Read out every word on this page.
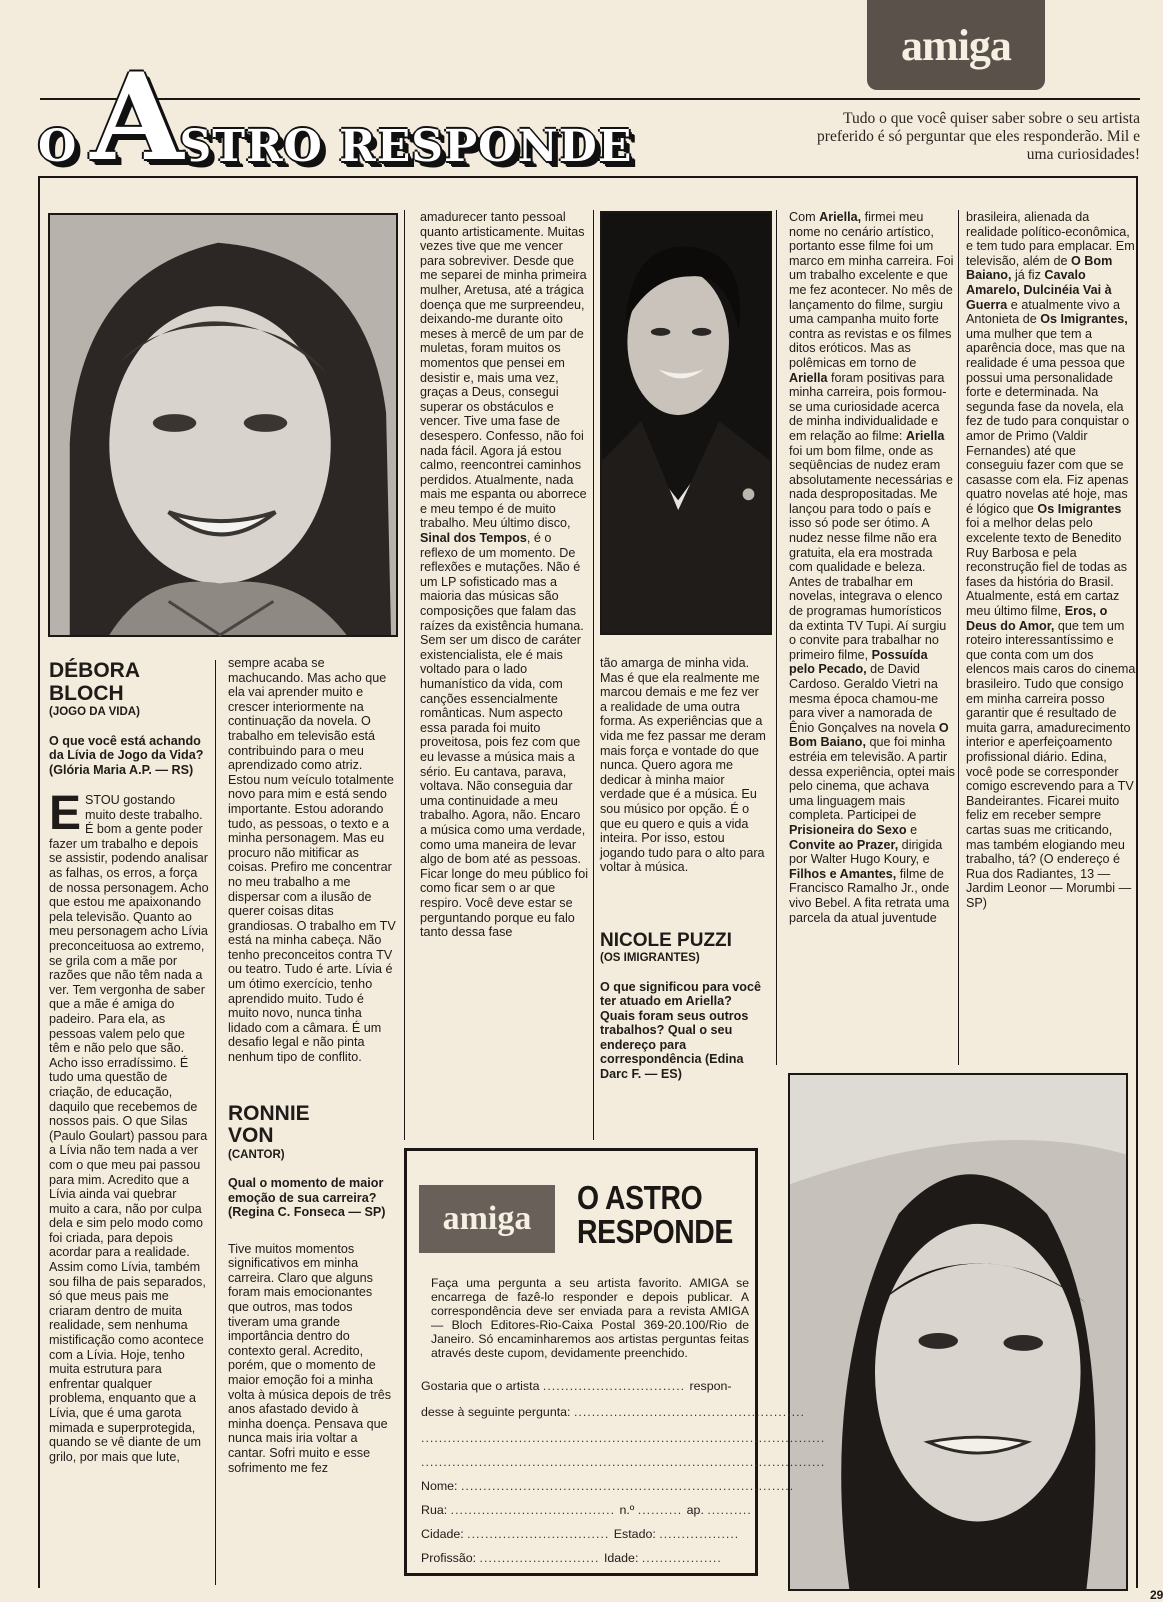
amiga
O A
STRO RESPONDE

Tudo o que você quiser saber sobre o seu artista preferido é só perguntar que eles responderão. Mil e uma curiosidades!

DÉBORA
BLOCH
(JOGO DA VIDA)

O que você está achando da Lívia de Jogo da Vida? (Glória Maria A.P. — RS)

ESTOU gostando muito deste trabalho. É bom a gente poder fazer um trabalho e depois se assistir, podendo analisar as falhas, os erros, a força de nossa personagem. Acho que estou me apaixonando pela televisão. Quanto ao meu personagem acho Lívia preconceituosa ao extremo, se grila com a mãe por razões que não têm nada a ver. Tem vergonha de saber que a mãe é amiga do padeiro. Para ela, as pessoas valem pelo que têm e não pelo que são. Acho isso erradíssimo. É tudo uma questão de criação, de educação, daquilo que recebemos de nossos pais. O que Silas (Paulo Goulart) passou para a Lívia não tem nada a ver com o que meu pai passou para mim. Acredito que a Lívia ainda vai quebrar muito a cara, não por culpa dela e sim pelo modo como foi criada, para depois acordar para a realidade. Assim como Lívia, também sou filha de pais separados, só que meus pais me criaram dentro de muita realidade, sem nenhuma mistificação como acontece com a Lívia. Hoje, tenho muita estrutura para enfrentar qualquer problema, enquanto que a Lívia, que é uma garota mimada e superprotegida, quando se vê diante de um grilo, por mais que lute,

sempre acaba se machucando. Mas acho que ela vai aprender muito e crescer interiormente na continuação da novela. O trabalho em televisão está contribuindo para o meu aprendizado como atriz. Estou num veículo totalmente novo para mim e está sendo importante. Estou adorando tudo, as pessoas, o texto e a minha personagem. Mas eu procuro não mitificar as coisas. Prefiro me concentrar no meu trabalho a me dispersar com a ilusão de querer coisas ditas grandiosas. O trabalho em TV está na minha cabeça. Não tenho preconceitos contra TV ou teatro. Tudo é arte. Lívia é um ótimo exercício, tenho aprendido muito. Tudo é muito novo, nunca tinha lidado com a câmara. É um desafio legal e não pinta nenhum tipo de conflito.

RONNIE
VON
(CANTOR)

Qual o momento de maior emoção de sua carreira? (Regina C. Fonseca — SP)

Tive muitos momentos significativos em minha carreira. Claro que alguns foram mais emocionantes que outros, mas todos tiveram uma grande importância dentro do contexto geral. Acredito, porém, que o momento de maior emoção foi a minha volta à música depois de três anos afastado devido à minha doença. Pensava que nunca mais iria voltar a cantar. Sofri muito e esse sofrimento me fez

amadurecer tanto pessoal quanto artisticamente. Muitas vezes tive que me vencer para sobreviver. Desde que me separei de minha primeira mulher, Aretusa, até a trágica doença que me surpreendeu, deixando-me durante oito meses à mercê de um par de muletas, foram muitos os momentos que pensei em desistir e, mais uma vez, graças a Deus, consegui superar os obstáculos e vencer. Tive uma fase de desespero. Confesso, não foi nada fácil. Agora já estou calmo, reencontrei caminhos perdidos. Atualmente, nada mais me espanta ou aborrece e meu tempo é de muito trabalho. Meu último disco, Sinal dos Tempos, é o reflexo de um momento. De reflexões e mutações. Não é um LP sofisticado mas a maioria das músicas são composições que falam das raízes da existência humana. Sem ser um disco de caráter existencialista, ele é mais voltado para o lado humanístico da vida, com canções essencialmente românticas. Num aspecto essa parada foi muito proveitosa, pois fez com que eu levasse a música mais a sério. Eu cantava, parava, voltava. Não conseguia dar uma continuidade a meu trabalho. Agora, não. Encaro a música como uma verdade, como uma maneira de levar algo de bom até as pessoas. Ficar longe do meu público foi como ficar sem o ar que respiro. Você deve estar se perguntando porque eu falo tanto dessa fase

tão amarga de minha vida. Mas é que ela realmente me marcou demais e me fez ver a realidade de uma outra forma. As experiências que a vida me fez passar me deram mais força e vontade do que nunca. Quero agora me dedicar à minha maior verdade que é a música. Eu sou músico por opção. É o que eu quero e quis a vida inteira. Por isso, estou jogando tudo para o alto para voltar à música.

NICOLE PUZZI
(OS IMIGRANTES)

O que significou para você ter atuado em Ariella? Quais foram seus outros trabalhos? Qual o seu endereço para correspondência (Edina Darc F. — ES)

Com Ariella, firmei meu nome no cenário artístico, portanto esse filme foi um marco em minha carreira. Foi um trabalho excelente e que me fez acontecer. No mês de lançamento do filme, surgiu uma campanha muito forte contra as revistas e os filmes ditos eróticos. Mas as polêmicas em torno de Ariella foram positivas para minha carreira, pois formou-se uma curiosidade acerca de minha individualidade e em relação ao filme: Ariella foi um bom filme, onde as seqüências de nudez eram absolutamente necessárias e nada despropositadas. Me lançou para todo o país e isso só pode ser ótimo. A nudez nesse filme não era gratuita, ela era mostrada com qualidade e beleza. Antes de trabalhar em novelas, integrava o elenco de programas humorísticos da extinta TV Tupi. Aí surgiu o convite para trabalhar no primeiro filme, Possuída pelo Pecado, de David Cardoso. Geraldo Vietri na mesma época chamou-me para viver a namorada de Ênio Gonçalves na novela O Bom Baiano, que foi minha estréia em televisão. A partir dessa experiência, optei mais pelo cinema, que achava uma linguagem mais completa. Participei de Prisioneira do Sexo e Convite ao Prazer, dirigida por Walter Hugo Koury, e Filhos e Amantes, filme de Francisco Ramalho Jr., onde vivo Bebel. A fita retrata uma parcela da atual juventude

brasileira, alienada da realidade político-econômica, e tem tudo para emplacar. Em televisão, além de O Bom Baiano, já fiz Cavalo Amarelo, Dulcinéia Vai à Guerra e atualmente vivo a Antonieta de Os Imigrantes, uma mulher que tem a aparência doce, mas que na realidade é uma pessoa que possui uma personalidade forte e determinada. Na segunda fase da novela, ela fez de tudo para conquistar o amor de Primo (Valdir Fernandes) até que conseguiu fazer com que se casasse com ela. Fiz apenas quatro novelas até hoje, mas é lógico que Os Imigrantes foi a melhor delas pelo excelente texto de Benedito Ruy Barbosa e pela reconstrução fiel de todas as fases da história do Brasil. Atualmente, está em cartaz meu último filme, Eros, o Deus do Amor, que tem um roteiro interessantíssimo e que conta com um dos elencos mais caros do cinema brasileiro. Tudo que consigo em minha carreira posso garantir que é resultado de muita garra, amadurecimento interior e aperfeiçoamento profissional diário. Edina, você pode se corresponder comigo escrevendo para a TV Bandeirantes. Ficarei muito feliz em receber sempre cartas suas me criticando, mas também elogiando meu trabalho, tá? (O endereço é Rua dos Radiantes, 13 — Jardim Leonor — Morumbi — SP)

amiga
O ASTRO
RESPONDE

Faça uma pergunta a seu artista favorito. AMIGA se encarrega de fazê-lo responder e depois publicar. A correspondência deve ser enviada para a revista AMIGA — Bloch Editores-Rio-Caixa Postal 369-20.100/Rio de Janeiro. Só encaminharemos aos artistas perguntas feitas através deste cupom, devidamente preenchido.

Gostaria que o artista ................................ respon-
desse à seguinte pergunta: ....................................................
...........................................................................................
...........................................................................................
Nome: ...........................................................................
Rua: ..................................... n.º .......... ap. ..........
Cidade: ................................ Estado: ..................
Profissão: ........................... Idade: ..................
29
